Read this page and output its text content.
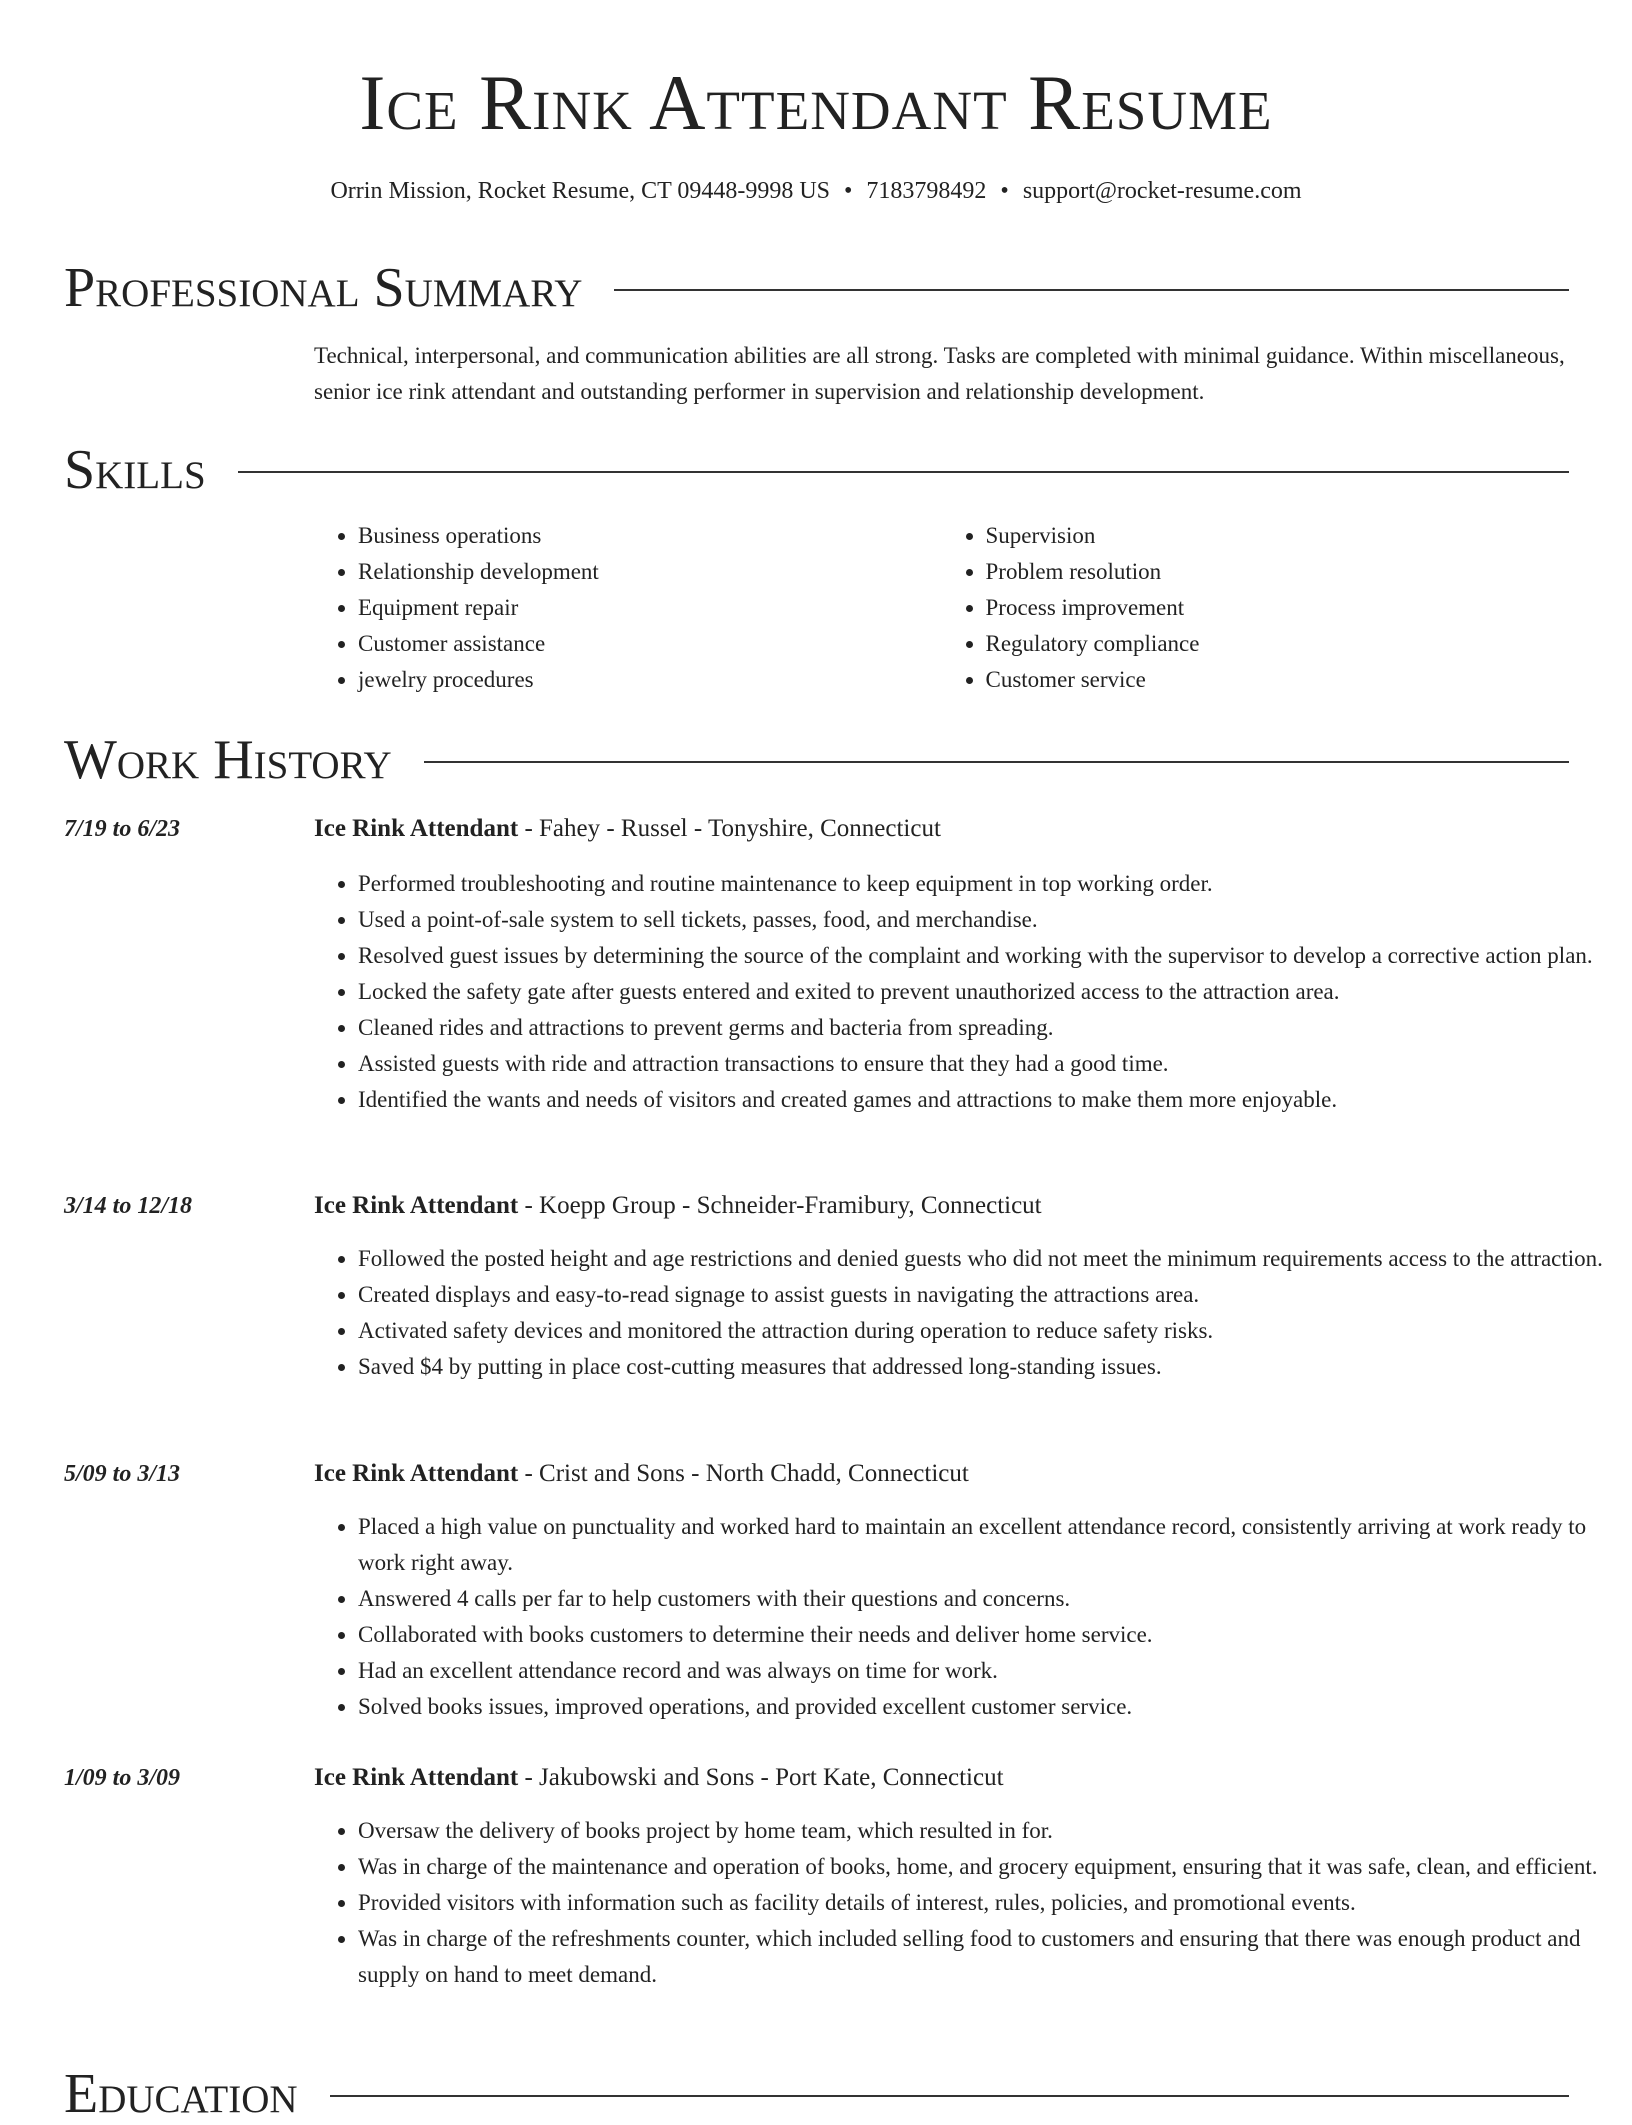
Ice Rink Attendant Resume
Orrin Mission, Rocket Resume, CT 09448-9998 US • 7183798492 • support@rocket-resume.com
Professional Summary
Technical, interpersonal, and communication abilities are all strong. Tasks are completed with minimal guidance. Within miscellaneous, senior ice rink attendant and outstanding performer in supervision and relationship development.
Skills
• Business operations
• Relationship development
• Equipment repair
• Customer assistance
• jewelry procedures
• Supervision
• Problem resolution
• Process improvement
• Regulatory compliance
• Customer service
Work History
7/19 to 6/23	Ice Rink Attendant - Fahey - Russel - Tonyshire, Connecticut
• Performed troubleshooting and routine maintenance to keep equipment in top working order.
• Used a point-of-sale system to sell tickets, passes, food, and merchandise.
• Resolved guest issues by determining the source of the complaint and working with the supervisor to develop a corrective action plan.
• Locked the safety gate after guests entered and exited to prevent unauthorized access to the attraction area.
• Cleaned rides and attractions to prevent germs and bacteria from spreading.
• Assisted guests with ride and attraction transactions to ensure that they had a good time.
• Identified the wants and needs of visitors and created games and attractions to make them more enjoyable.
3/14 to 12/18	Ice Rink Attendant - Koepp Group - Schneider-Framibury, Connecticut
• Followed the posted height and age restrictions and denied guests who did not meet the minimum requirements access to the attraction.
• Created displays and easy-to-read signage to assist guests in navigating the attractions area.
• Activated safety devices and monitored the attraction during operation to reduce safety risks.
• Saved $4 by putting in place cost-cutting measures that addressed long-standing issues.
5/09 to 3/13	Ice Rink Attendant - Crist and Sons - North Chadd, Connecticut
• Placed a high value on punctuality and worked hard to maintain an excellent attendance record, consistently arriving at work ready to work right away.
• Answered 4 calls per far to help customers with their questions and concerns.
• Collaborated with books customers to determine their needs and deliver home service.
• Had an excellent attendance record and was always on time for work.
• Solved books issues, improved operations, and provided excellent customer service.
1/09 to 3/09	Ice Rink Attendant - Jakubowski and Sons - Port Kate, Connecticut
• Oversaw the delivery of books project by home team, which resulted in for.
• Was in charge of the maintenance and operation of books, home, and grocery equipment, ensuring that it was safe, clean, and efficient.
• Provided visitors with information such as facility details of interest, rules, policies, and promotional events.
• Was in charge of the refreshments counter, which included selling food to customers and ensuring that there was enough product and supply on hand to meet demand.
Education
